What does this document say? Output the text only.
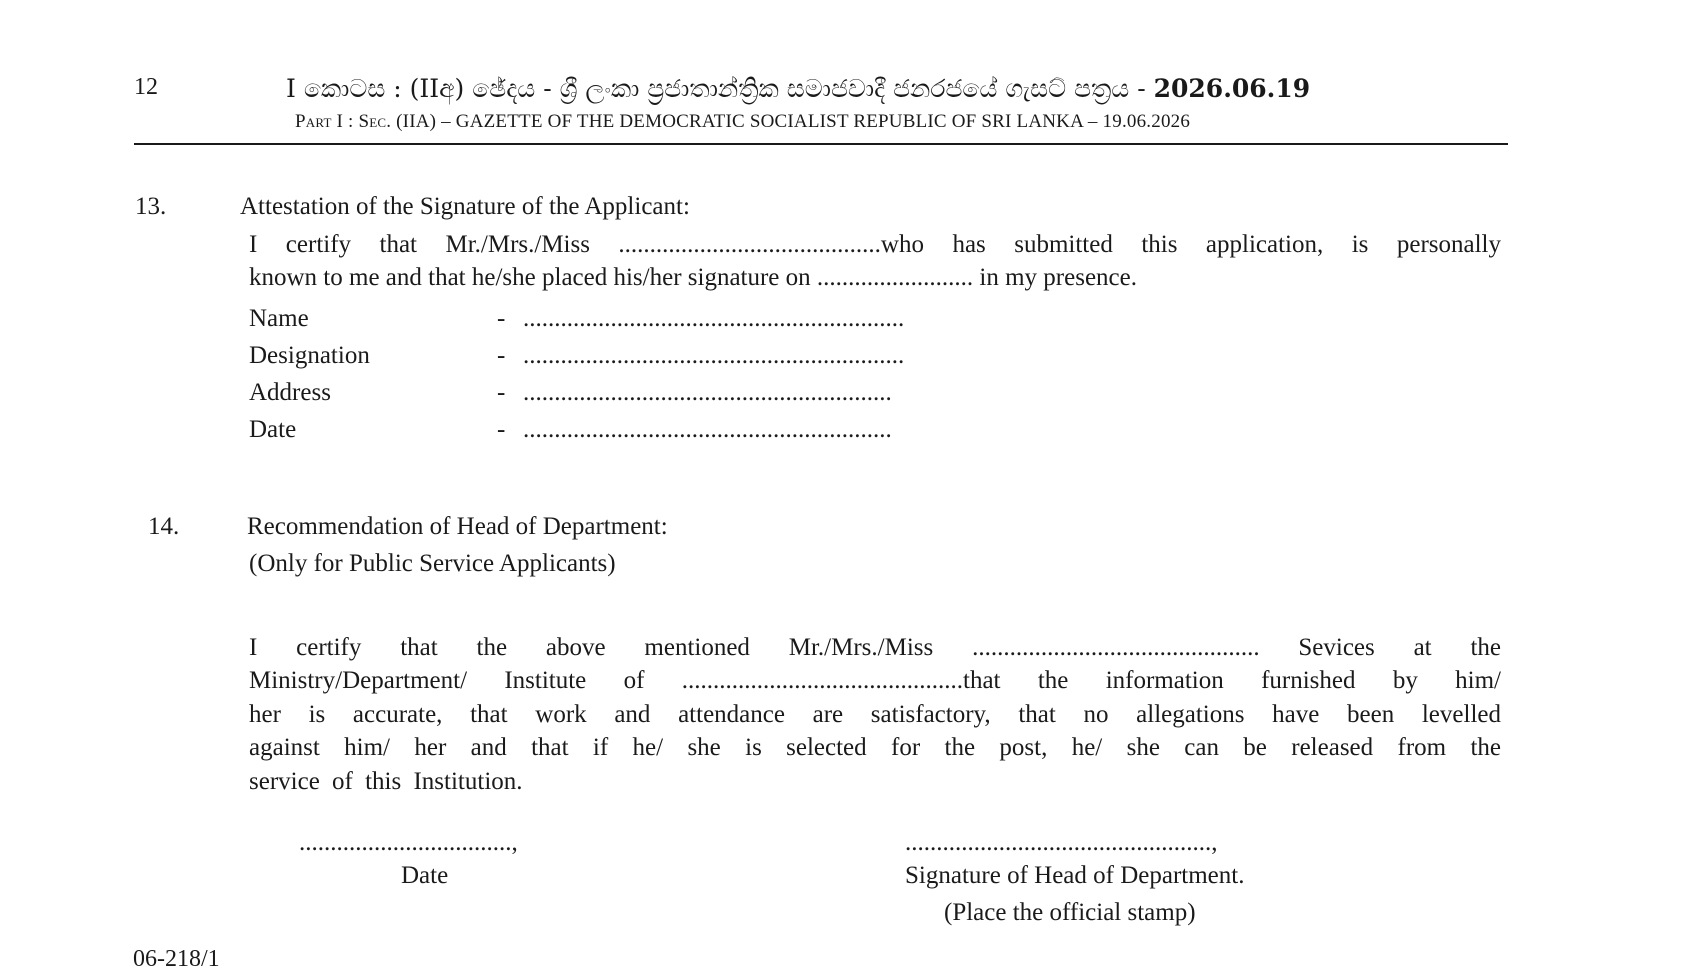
12	I කොටස : (IIඅ) ඡේදය - ශ්‍රී ලංකා ප්‍රජාතාන්ත්‍රික සමාජවාදී ජනරජයේ ගැසට් පත්‍රය - 2026.06.19
Part I : Sec. (IIA) – GAZETTE OF THE DEMOCRATIC SOCIALIST REPUBLIC OF SRI LANKA – 19.06.2026
13.	Attestation of the Signature of the Applicant:
I certify that Mr./Mrs./Miss ..........................................who has submitted this application, is personally
known to me and that he/she placed his/her signature on ......................... in my presence.
Name	- .............................................................
Designation	- .............................................................
Address	- ...........................................................
Date	- ...........................................................
14.	Recommendation of Head of Department:
(Only for Public Service Applicants)
I certify that the above mentioned Mr./Mrs./Miss .............................................. Sevices at the
Ministry/Department/ Institute of .............................................that the information furnished by him/
her is accurate, that work and attendance are satisfactory, that no allegations have been levelled
against him/ her and that if he/ she is selected for the post, he/ she can be released from the
service of this Institution.
..................................,
Date
.................................................,
Signature of Head of Department.
(Place the official stamp)
06-218/1
